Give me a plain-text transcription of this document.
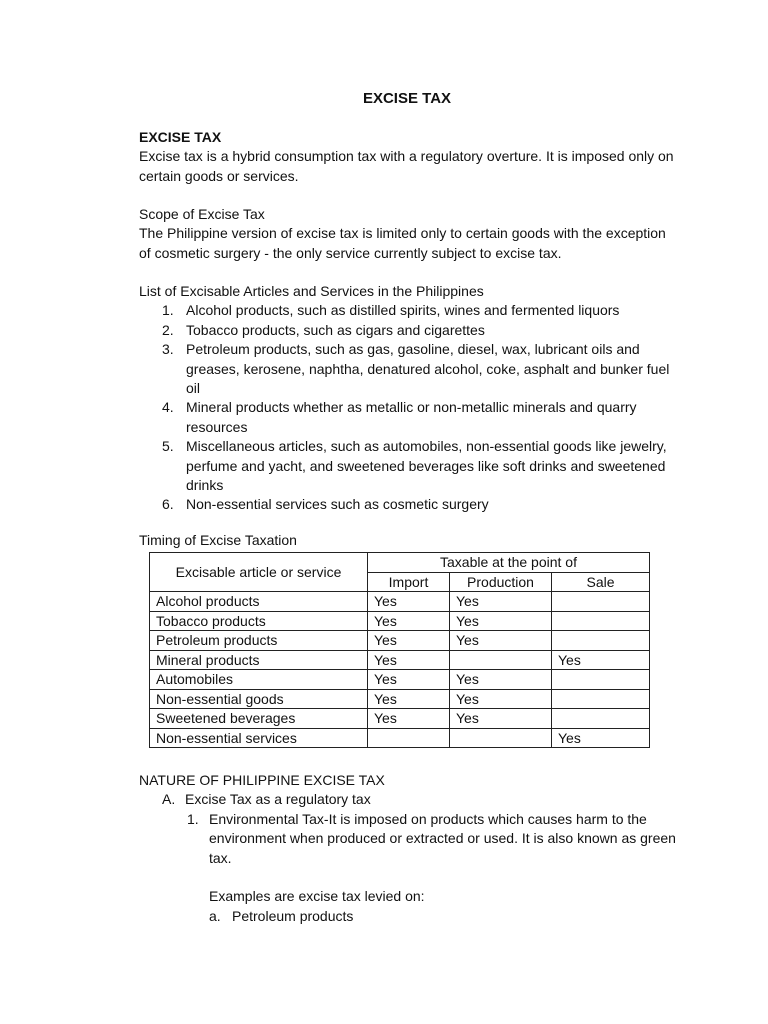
EXCISE TAX

EXCISE TAX

Excise tax is a hybrid consumption tax with a regulatory overture. It is imposed only on certain goods or services.

Scope of Excise Tax

The Philippine version of excise tax is limited only to certain goods with the exception of cosmetic surgery - the only service currently subject to excise tax.

List of Excisable Articles and Services in the Philippines

1. Alcohol products, such as distilled spirits, wines and fermented liquors
2. Tobacco products, such as cigars and cigarettes
3. Petroleum products, such as gas, gasoline, diesel, wax, lubricant oils and greases, kerosene, naphtha, denatured alcohol, coke, asphalt and bunker fuel oil
4. Mineral products whether as metallic or non-metallic minerals and quarry resources
5. Miscellaneous articles, such as automobiles, non-essential goods like jewelry, perfume and yacht, and sweetened beverages like soft drinks and sweetened drinks
6. Non-essential services such as cosmetic surgery

Timing of Excise Taxation

Excisable article or service	Taxable at the point of		
	Import	Production	Sale
Alcohol products	Yes	Yes	
Tobacco products	Yes	Yes	
Petroleum products	Yes	Yes	
Mineral products	Yes		Yes
Automobiles	Yes	Yes	
Non-essential goods	Yes	Yes	
Sweetened beverages	Yes	Yes	
Non-essential services			Yes

NATURE OF PHILIPPINE EXCISE TAX

A. Excise Tax as a regulatory tax

1. Environmental Tax-It is imposed on products which causes harm to the environment when produced or extracted or used. It is also known as green tax.

Examples are excise tax levied on:

a. Petroleum products
